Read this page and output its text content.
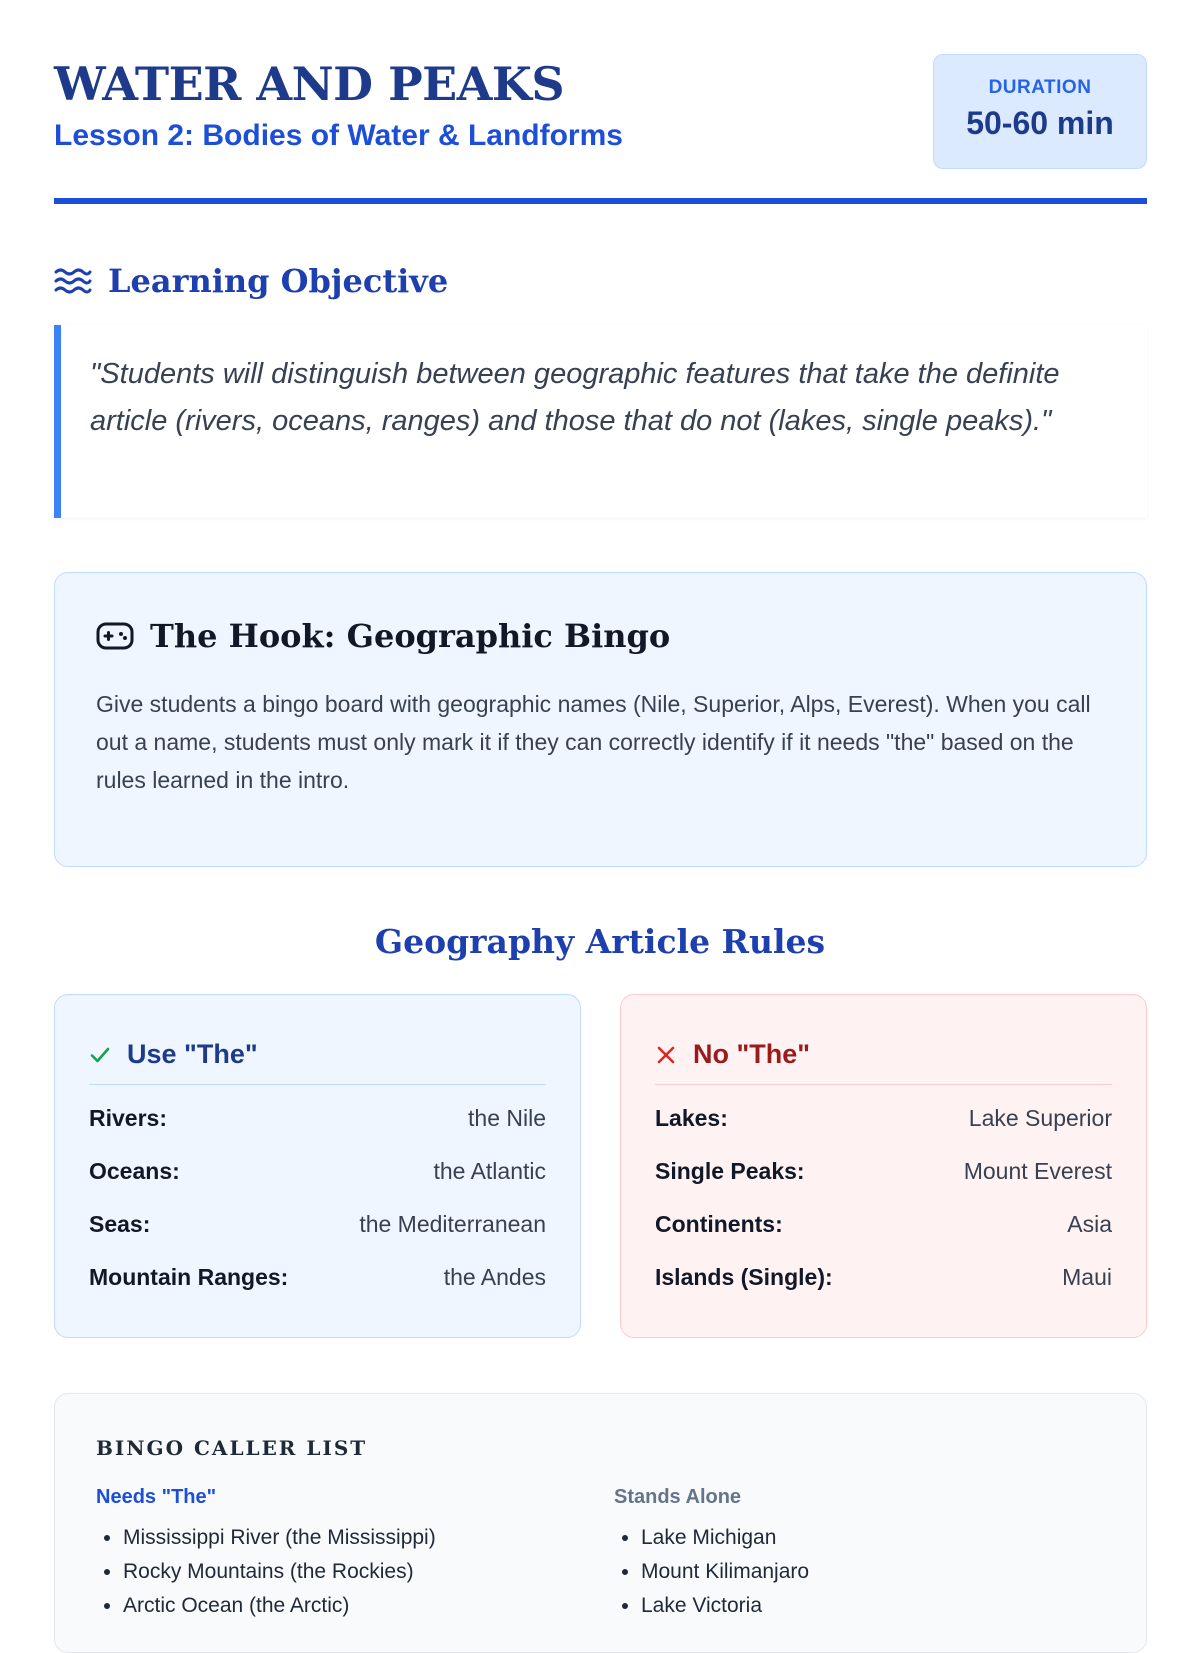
WATER AND PEAKS
Lesson 2: Bodies of Water & Landforms
DURATION
50-60 min
Learning Objective
"Students will distinguish between geographic features that take the definite article (rivers, oceans, ranges) and those that do not (lakes, single peaks)."
The Hook: Geographic Bingo

Give students a bingo board with geographic names (Nile, Superior, Alps, Everest). When you call out a name, students must only mark it if they can correctly identify if it needs "the" based on the rules learned in the intro.

Geography Article Rules
Use "The"
Rivers:	the Nile
Oceans:	the Atlantic
Seas:	the Mediterranean
Mountain Ranges:	the Andes
No "The"
Lakes:	Lake Superior
Single Peaks:	Mount Everest
Continents:	Asia
Islands (Single):	Maui
BINGO CALLER LIST
Needs "The"
• Mississippi River (the Mississippi)
• Rocky Mountains (the Rockies)
• Arctic Ocean (the Arctic)
Stands Alone
• Lake Michigan
• Mount Kilimanjaro
• Lake Victoria
